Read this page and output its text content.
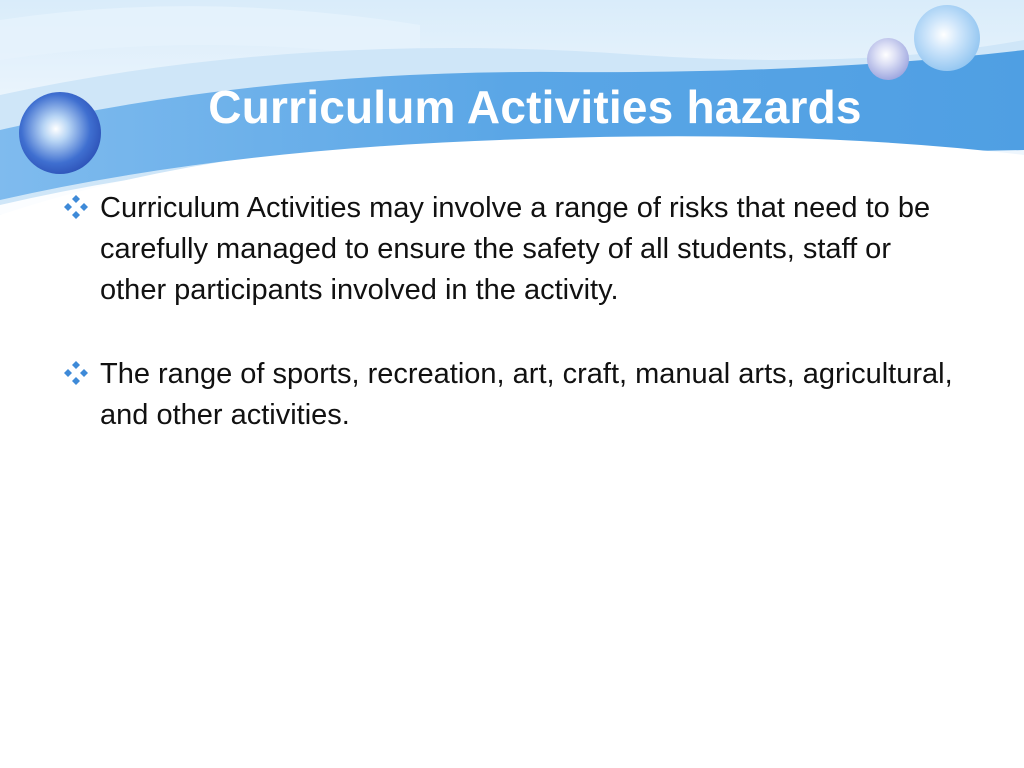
Curriculum Activities hazards
Curriculum Activities may involve a range of risks that need to be carefully managed to ensure the safety of all students, staff or other participants involved in the activity.
The range of sports, recreation, art, craft, manual arts, agricultural, and other activities.
